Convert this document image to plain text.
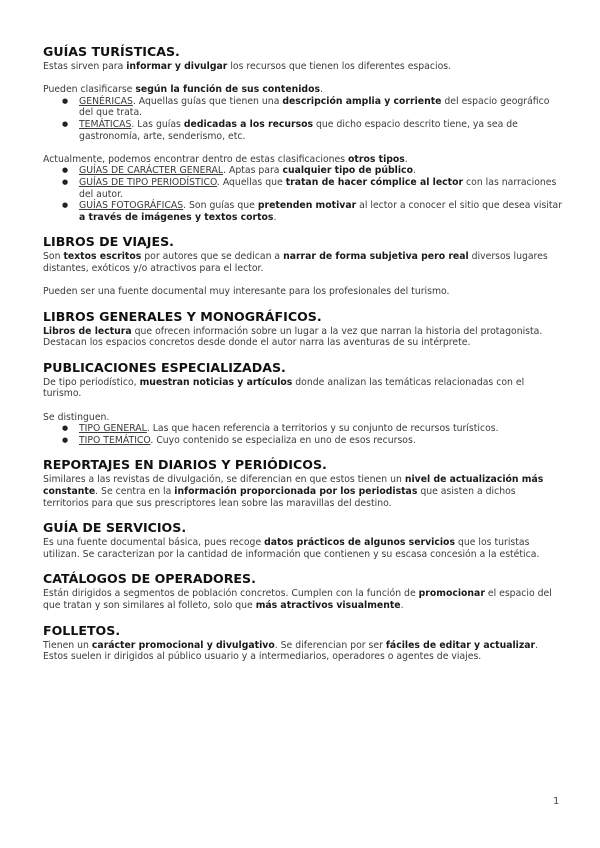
GUÍAS TURÍSTICAS.
Estas sirven para informar y divulgar los recursos que tienen los diferentes espacios.
Pueden clasificarse según la función de sus contenidos.
● GENÉRICAS. Aquellas guías que tienen una descripción amplia y corriente del espacio geográfico del que trata.
● TEMÁTICAS. Las guías dedicadas a los recursos que dicho espacio descrito tiene, ya sea de gastronomía, arte, senderismo, etc.
Actualmente, podemos encontrar dentro de estas clasificaciones otros tipos.
● GUÍAS DE CARÁCTER GENERAL. Aptas para cualquier tipo de público.
● GUÍAS DE TIPO PERIODÍSTICO. Aquellas que tratan de hacer cómplice al lector con las narraciones del autor.
● GUÍAS FOTOGRÁFICAS. Son guías que pretenden motivar al lector a conocer el sitio que desea visitar a través de imágenes y textos cortos.
LIBROS DE VIAJES.
Son textos escritos por autores que se dedican a narrar de forma subjetiva pero real diversos lugares distantes, exóticos y/o atractivos para el lector.
Pueden ser una fuente documental muy interesante para los profesionales del turismo.
LIBROS GENERALES Y MONOGRÁFICOS.
Libros de lectura que ofrecen información sobre un lugar a la vez que narran la historia del protagonista. Destacan los espacios concretos desde donde el autor narra las aventuras de su intérprete.
PUBLICACIONES ESPECIALIZADAS.
De tipo periodístico, muestran noticias y artículos donde analizan las temáticas relacionadas con el turismo.
Se distinguen.
● TIPO GENERAL. Las que hacen referencia a territorios y su conjunto de recursos turísticos.
● TIPO TEMÁTICO. Cuyo contenido se especializa en uno de esos recursos.
REPORTAJES EN DIARIOS Y PERIÓDICOS.
Similares a las revistas de divulgación, se diferencian en que estos tienen un nivel de actualización más constante. Se centra en la información proporcionada por los periodistas que asisten a dichos territorios para que sus prescriptores lean sobre las maravillas del destino.
GUÍA DE SERVICIOS.
Es una fuente documental básica, pues recoge datos prácticos de algunos servicios que los turistas utilizan. Se caracterizan por la cantidad de información que contienen y su escasa concesión a la estética.
CATÁLOGOS DE OPERADORES.
Están dirigidos a segmentos de población concretos. Cumplen con la función de promocionar el espacio del que tratan y son similares al folleto, solo que más atractivos visualmente.
FOLLETOS.
Tienen un carácter promocional y divulgativo. Se diferencian por ser fáciles de editar y actualizar. Estos suelen ir dirigidos al público usuario y a intermediarios, operadores o agentes de viajes.
1
